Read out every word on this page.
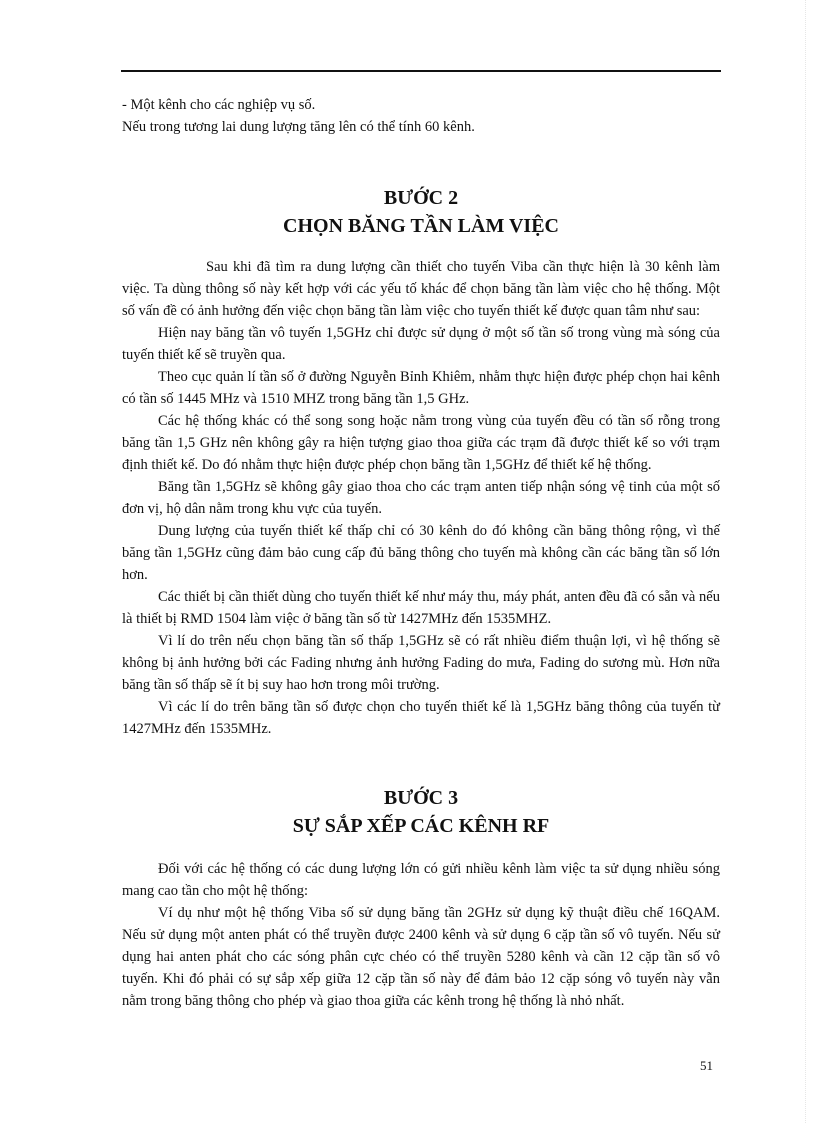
- Một kênh cho các nghiệp vụ số.

Nếu trong tương lai dung lượng tăng lên có thể tính 60 kênh.

BƯỚC 2
CHỌN BĂNG TẦN LÀM VIỆC

Sau khi đã tìm ra dung lượng cần thiết cho tuyến Viba cần thực hiện là 30 kênh làm việc. Ta dùng thông số này kết hợp với các yếu tố khác để chọn băng tần làm việc cho hệ thống. Một số vấn đề có ảnh hưởng đến việc chọn băng tần làm việc cho tuyến thiết kế được quan tâm như sau:

Hiện nay băng tần vô tuyến 1,5GHz chỉ được sử dụng ở một số tần số trong vùng mà sóng của tuyến thiết kế sẽ truyền qua.

Theo cục quản lí tần số ở đường Nguyễn Bỉnh Khiêm, nhằm thực hiện được phép chọn hai kênh có tần số 1445 MHz và 1510 MHZ trong băng tần 1,5 GHz.

Các hệ thống khác có thể song song hoặc nằm trong vùng của tuyến đều có tần số rỗng trong băng tần 1,5 GHz nên không gây ra hiện tượng giao thoa giữa các trạm đã được thiết kế so với trạm định thiết kế. Do đó nhằm thực hiện được phép chọn băng tần 1,5GHz để thiết kế hệ thống.

Băng tần 1,5GHz sẽ không gây giao thoa cho các trạm anten tiếp nhận sóng vệ tinh của một số đơn vị, hộ dân nằm trong khu vực của tuyến.

Dung lượng của tuyến thiết kế thấp chỉ có 30 kênh do đó không cần băng thông rộng, vì thế băng tần 1,5GHz cũng đảm bảo cung cấp đủ băng thông cho tuyến mà không cần các băng tần số lớn hơn.

Các thiết bị cần thiết dùng cho tuyến thiết kế như máy thu, máy phát, anten đều đã có sẵn và nếu là thiết bị RMD 1504 làm việc ở băng tần số từ 1427MHz đến 1535MHZ.

Vì lí do trên nếu chọn băng tần số thấp 1,5GHz sẽ có rất nhiều điểm thuận lợi, vì hệ thống sẽ không bị ảnh hưởng bởi các Fading nhưng ảnh hưởng Fading do mưa, Fading do sương mù. Hơn nữa băng tần số thấp sẽ ít bị suy hao hơn trong môi trường.

Vì các lí do trên băng tần số được chọn cho tuyến thiết kế là 1,5GHz băng thông của tuyến từ 1427MHz đến 1535MHz.

BƯỚC 3
SỰ SẮP XẾP CÁC KÊNH RF

Đối với các hệ thống có các dung lượng lớn có gửi nhiều kênh làm việc ta sử dụng nhiều sóng mang cao tần cho một hệ thống:

Ví dụ như một hệ thống Viba số sử dụng băng tần 2GHz sử dụng kỹ thuật điều chế 16QAM. Nếu sử dụng một anten phát có thể truyền được 2400 kênh và sử dụng 6 cặp tần số vô tuyến. Nếu sử dụng hai anten phát cho các sóng phân cực chéo có thể truyền 5280 kênh và cần 12 cặp tần số vô tuyến. Khi đó phải có sự sắp xếp giữa 12 cặp tần số này để đảm bảo 12 cặp sóng vô tuyến này vẫn nằm trong băng thông cho phép và giao thoa giữa các kênh trong hệ thống là nhỏ nhất.

51
